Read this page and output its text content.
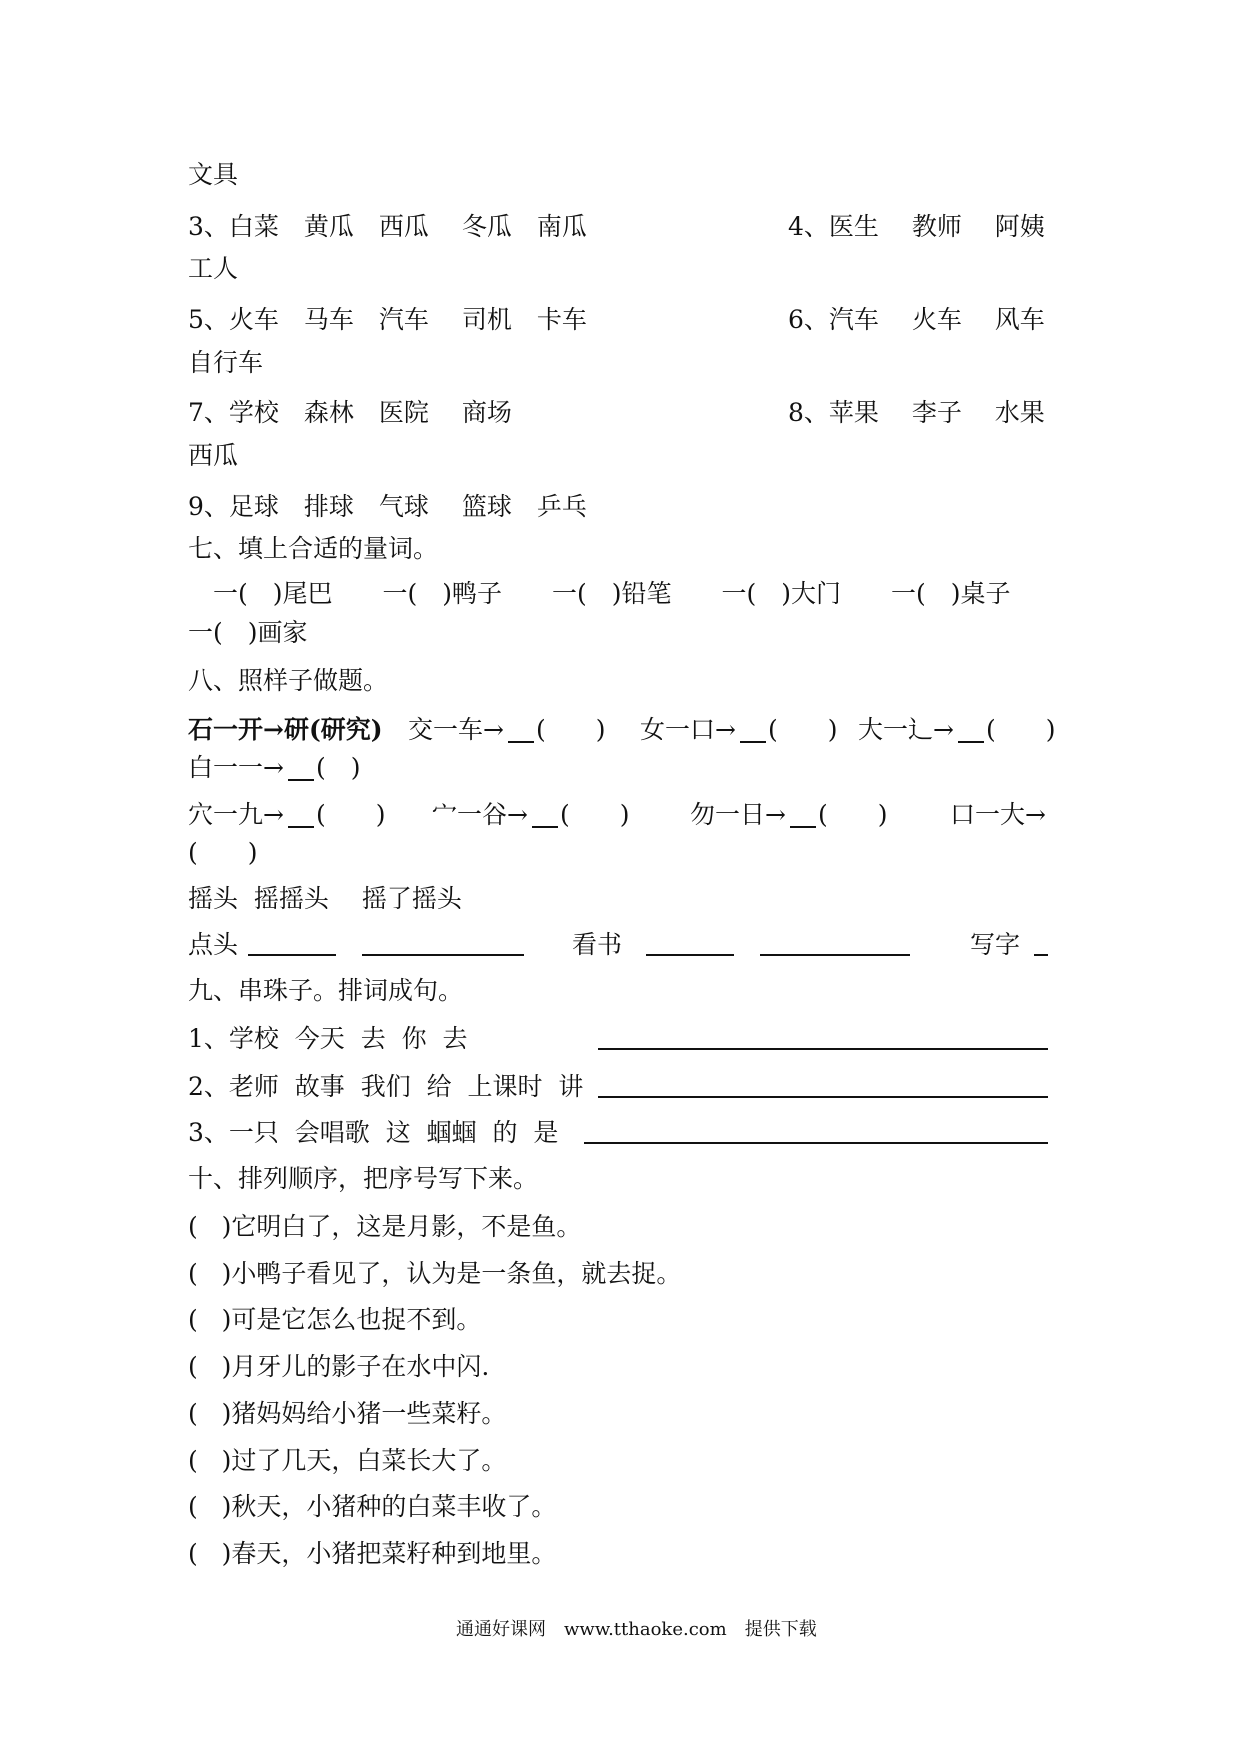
文具
3、白菜　黄瓜　西瓜　 冬瓜　南瓜	4、医生　 教师　 阿姨
工人
5、火车　马车　汽车　 司机　卡车	6、汽车　 火车　 风车
自行车
7、学校　森林　医院　 商场	8、苹果　 李子　 水果
西瓜
9、足球　排球　气球　 篮球　乒乓
七、填上合适的量词。
　一(　)尾巴　　一(　)鸭子　　一(　)铅笔　　一(　)大门　　一(　)桌子
一(　)画家
八、照样子做题。
石一开→研(研究) 交一车→ (　　) 女一口→ (　　) 大一辶→ (　　)
白一一→ (　)
穴一九→ (　　) 宀一谷→ (　　) 勿一日→ (　　) 口一大→
(　　)
摇头  摇摇头　 摇了摇头
点头	看书	写字
九、串珠子。排词成句。
1、学校  今天  去  你  去
2、老师  故事  我们  给  上课时  讲
3、一只  会唱歌  这  蝈蝈  的  是
十、排列顺序，把序号写下来。
(   )它明白了，这是月影，不是鱼。
(   )小鸭子看见了，认为是一条鱼，就去捉。
(   )可是它怎么也捉不到。
(   )月牙儿的影子在水中闪.
(   )猪妈妈给小猪一些菜籽。
(   )过了几天，白菜长大了。
(   )秋天，小猪种的白菜丰收了。
(   )春天，小猪把菜籽种到地里。
通通好课网　www.tthaoke.com　提供下载
